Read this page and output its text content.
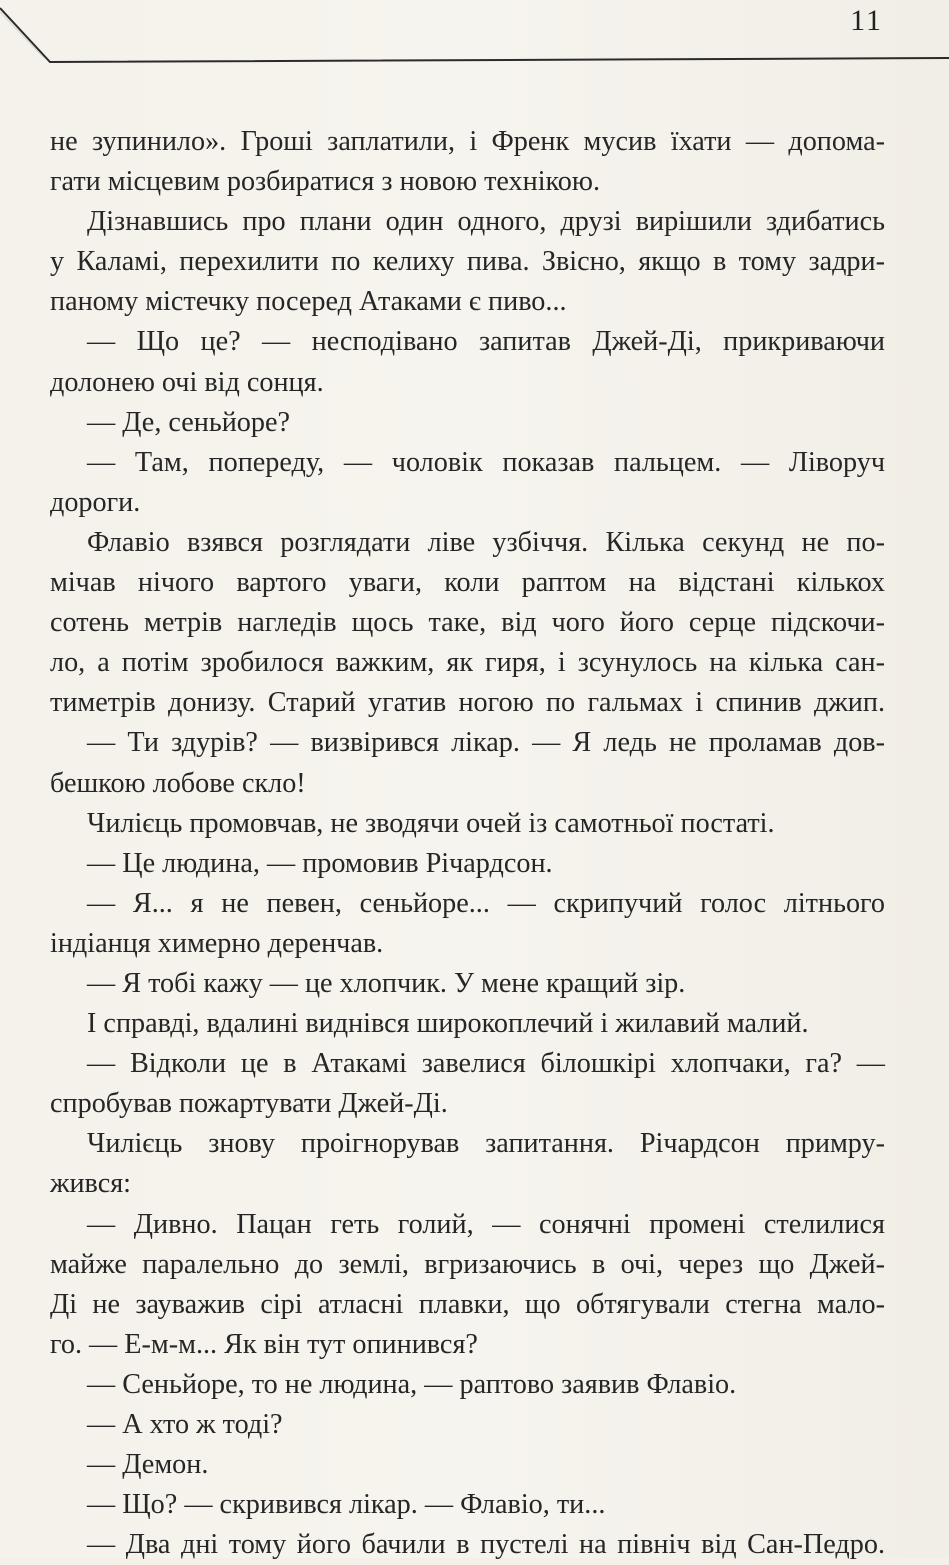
11
не зупинило». Гроші заплатили, і Френк мусив їхати — допома-
гати місцевим розбиратися з новою технікою.
Дізнавшись про плани один одного, друзі вирішили здибатись
у Каламі, перехилити по келиху пива. Звісно, якщо в тому задри-
паному містечку посеред Атаками є пиво...
— Що це? — несподівано запитав Джей-Ді, прикриваючи
долонею очі від сонця.
— Де, сеньйоре?
— Там, попереду, — чоловік показав пальцем. — Ліворуч
дороги.
Флавіо взявся розглядати ліве узбіччя. Кілька секунд не по-
мічав нічого вартого уваги, коли раптом на відстані кількох
сотень метрів нагледів щось таке, від чого його серце підскочи-
ло, а потім зробилося важким, як гиря, і зсунулось на кілька сан-
тиметрів донизу. Старий угатив ногою по гальмах і спинив джип.
— Ти здурів? — визвірився лікар. — Я ледь не проламав дов-
бешкою лобове скло!
Чилієць промовчав, не зводячи очей із самотньої постаті.
— Це людина, — промовив Річардсон.
— Я... я не певен, сеньйоре... — скрипучий голос літнього
індіанця химерно деренчав.
— Я тобі кажу — це хлопчик. У мене кращий зір.
І справді, вдалині виднівся широкоплечий і жилавий малий.
— Відколи це в Атакамі завелися білошкірі хлопчаки, га? —
спробував пожартувати Джей-Ді.
Чилієць знову проігнорував запитання. Річардсон примру-
жився:
— Дивно. Пацан геть голий, — сонячні промені стелилися
майже паралельно до землі, вгризаючись в очі, через що Джей-
Ді не зауважив сірі атласні плавки, що обтягували стегна мало-
го. — Е-м-м... Як він тут опинився?
— Сеньйоре, то не людина, — раптово заявив Флавіо.
— А хто ж тоді?
— Демон.
— Що? — скривився лікар. — Флавіо, ти...
— Два дні тому його бачили в пустелі на північ від Сан-Педро.
